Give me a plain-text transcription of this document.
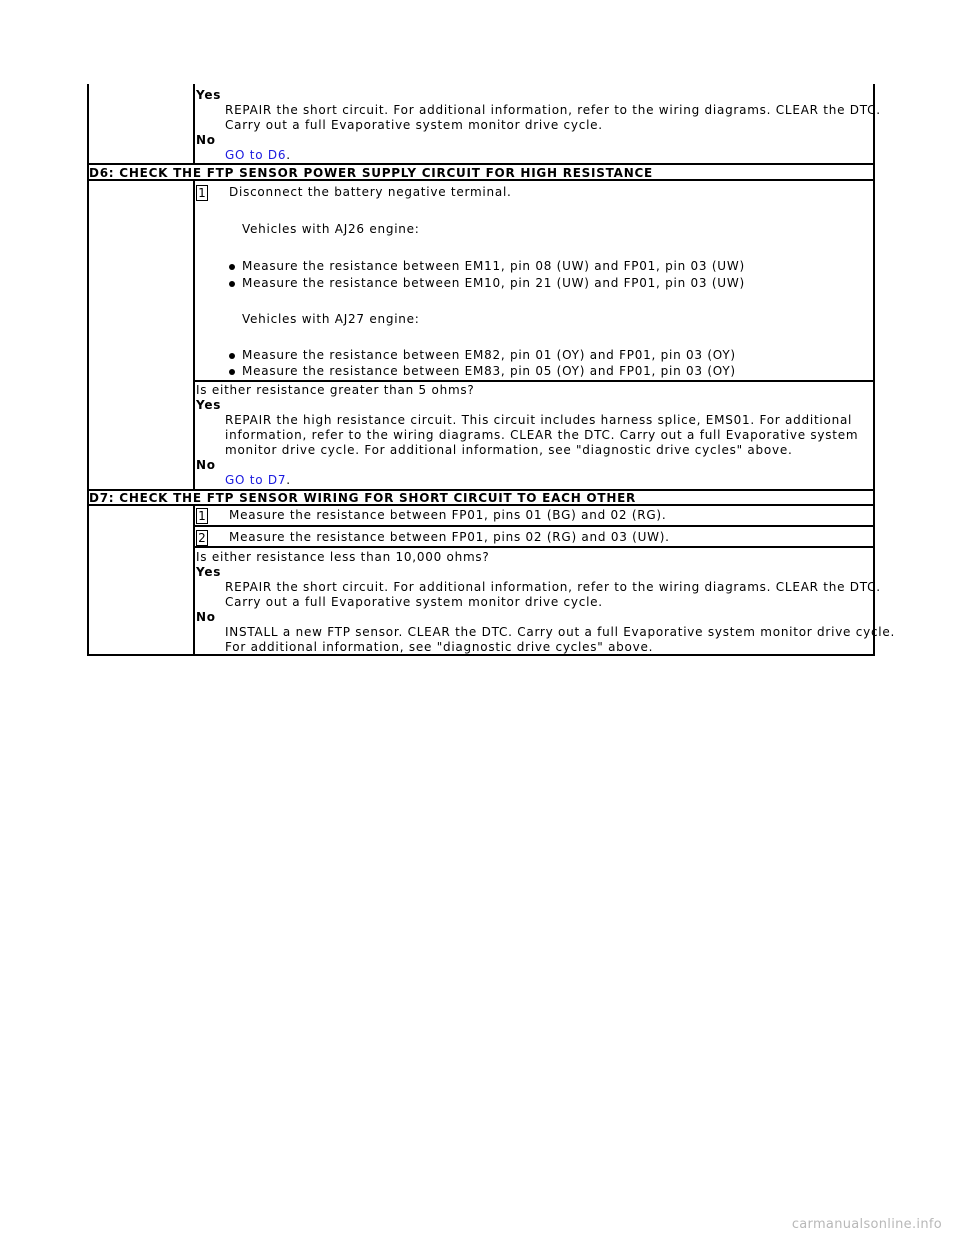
Yes
REPAIR the short circuit. For additional information, refer to the wiring diagrams. CLEAR the DTC.
Carry out a full Evaporative system monitor drive cycle.
No
GO to D6.
D6: CHECK THE FTP SENSOR POWER SUPPLY CIRCUIT FOR HIGH RESISTANCE
1 Disconnect the battery negative terminal.
Vehicles with AJ26 engine:
Measure the resistance between EM11, pin 08 (UW) and FP01, pin 03 (UW)
Measure the resistance between EM10, pin 21 (UW) and FP01, pin 03 (UW)
Vehicles with AJ27 engine:
Measure the resistance between EM82, pin 01 (OY) and FP01, pin 03 (OY)
Measure the resistance between EM83, pin 05 (OY) and FP01, pin 03 (OY)
Is either resistance greater than 5 ohms?
Yes
REPAIR the high resistance circuit. This circuit includes harness splice, EMS01. For additional
information, refer to the wiring diagrams. CLEAR the DTC. Carry out a full Evaporative system
monitor drive cycle. For additional information, see "diagnostic drive cycles" above.
No
GO to D7.
D7: CHECK THE FTP SENSOR WIRING FOR SHORT CIRCUIT TO EACH OTHER
1 Measure the resistance between FP01, pins 01 (BG) and 02 (RG).
2 Measure the resistance between FP01, pins 02 (RG) and 03 (UW).
Is either resistance less than 10,000 ohms?
Yes
REPAIR the short circuit. For additional information, refer to the wiring diagrams. CLEAR the DTC.
Carry out a full Evaporative system monitor drive cycle.
No
INSTALL a new FTP sensor. CLEAR the DTC. Carry out a full Evaporative system monitor drive cycle.
For additional information, see "diagnostic drive cycles" above.
carmanualsonline.info
